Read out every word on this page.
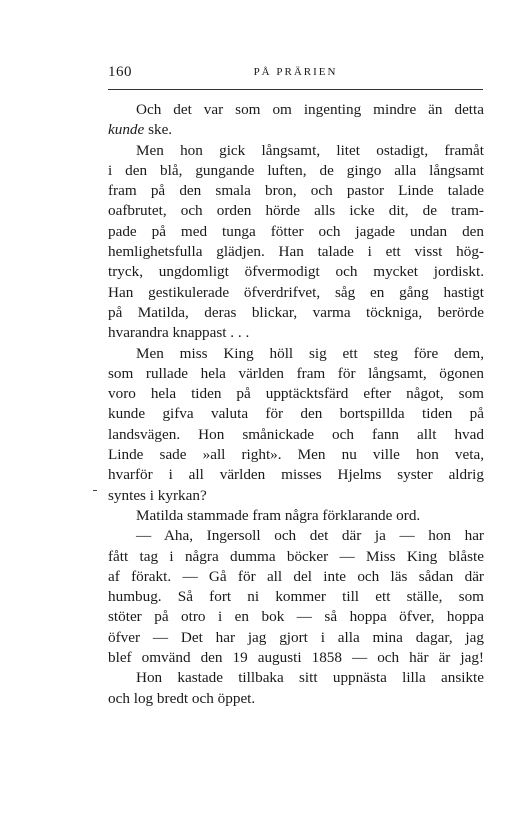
160	PÅ PRÄRIEN
Och det var som om ingenting mindre än detta
kunde ske.
Men hon gick långsamt, litet ostadigt, framåt
i den blå, gungande luften, de gingo alla långsamt
fram på den smala bron, och pastor Linde talade
oafbrutet, och orden hörde alls icke dit, de tram-
pade på med tunga fötter och jagade undan den
hemlighetsfulla glädjen. Han talade i ett visst hög-
tryck, ungdomligt öfvermodigt och mycket jordiskt.
Han gestikulerade öfverdrifvet, såg en gång hastigt
på Matilda, deras blickar, varma töckniga, berörde
hvarandra knappast . . .
Men miss King höll sig ett steg före dem,
som rullade hela världen fram för långsamt, ögonen
voro hela tiden på upptäcktsfärd efter något, som
kunde gifva valuta för den bortspillda tiden på
landsvägen. Hon smånickade och fann allt hvad
Linde sade »all right». Men nu ville hon veta,
hvarför i all världen misses Hjelms syster aldrig
syntes i kyrkan?
Matilda stammade fram några förklarande ord.
— Aha, Ingersoll och det där ja — hon har
fått tag i några dumma böcker — Miss King blåste
af förakt. — Gå för all del inte och läs sådan där
humbug. Så fort ni kommer till ett ställe, som
stöter på otro i en bok — så hoppa öfver, hoppa
öfver — Det har jag gjort i alla mina dagar, jag
blef omvänd den 19 augusti 1858 — och här är jag!
Hon kastade tillbaka sitt uppnästa lilla ansikte
och log bredt och öppet.
